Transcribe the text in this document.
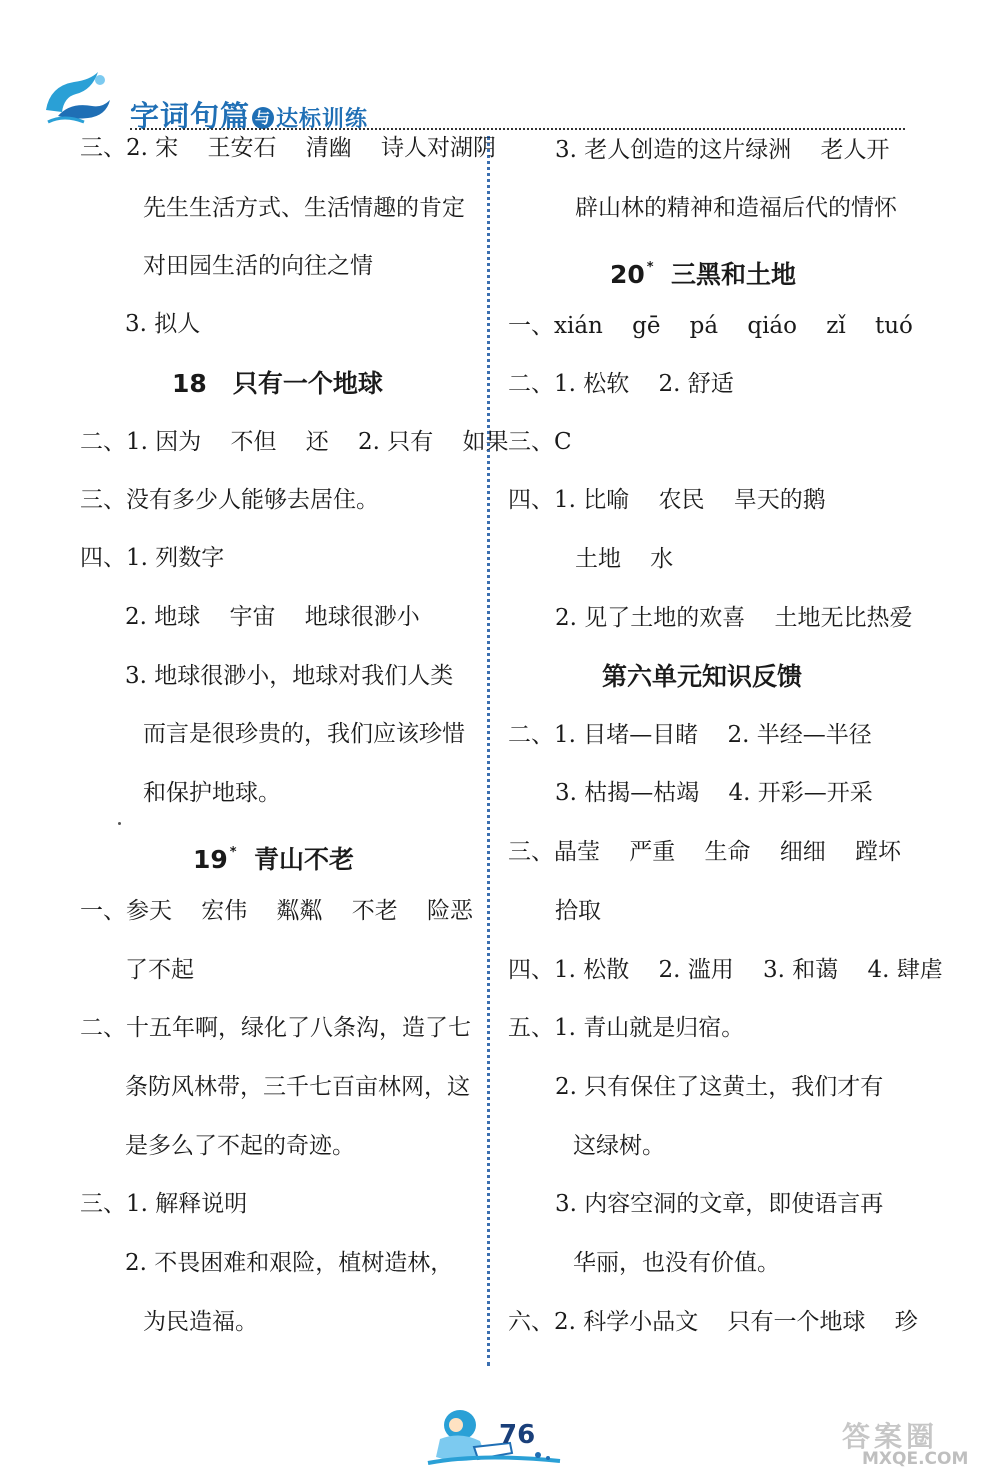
字词句篇 与 达标训练
三、2. 宋    王安石    清幽    诗人对湖阴
先生生活方式、生活情趣的肯定
对田园生活的向往之情
3. 拟人
18 只有一个地球
二、1. 因为    不但    还    2. 只有    如果
三、没有多少人能够去居住。
四、1. 列数字
2. 地球    宇宙    地球很渺小
3. 地球很渺小，地球对我们人类
而言是很珍贵的，我们应该珍惜
和保护地球。
19 * 青山不老
一、参天    宏伟    粼粼    不老    险恶
了不起
二、十五年啊，绿化了八条沟，造了七
条防风林带，三千七百亩林网，这
是多么了不起的奇迹。
三、1. 解释说明
2. 不畏困难和艰险，植树造林，
为民造福。
3. 老人创造的这片绿洲    老人开
辟山林的精神和造福后代的情怀
20 * 三黑和土地
一、xián    gē    pá    qiáo    zǐ    tuó
二、1. 松软    2. 舒适
三、C
四、1. 比喻    农民    旱天的鹅
土地    水
2. 见了土地的欢喜    土地无比热爱
第六单元知识反馈
二、1. 目堵—目睹    2. 半经—半径
3. 枯揭—枯竭    4. 开彩—开采
三、晶莹    严重    生命    细细    蹚坏
拾取
四、1. 松散    2. 滥用    3. 和蔼    4. 肆虐
五、1. 青山就是归宿。
2. 只有保住了这黄土，我们才有
这绿树。
3. 内容空洞的文章，即使语言再
华丽，也没有价值。
六、2. 科学小品文    只有一个地球    珍
76	答案圈
MXQE.COM
